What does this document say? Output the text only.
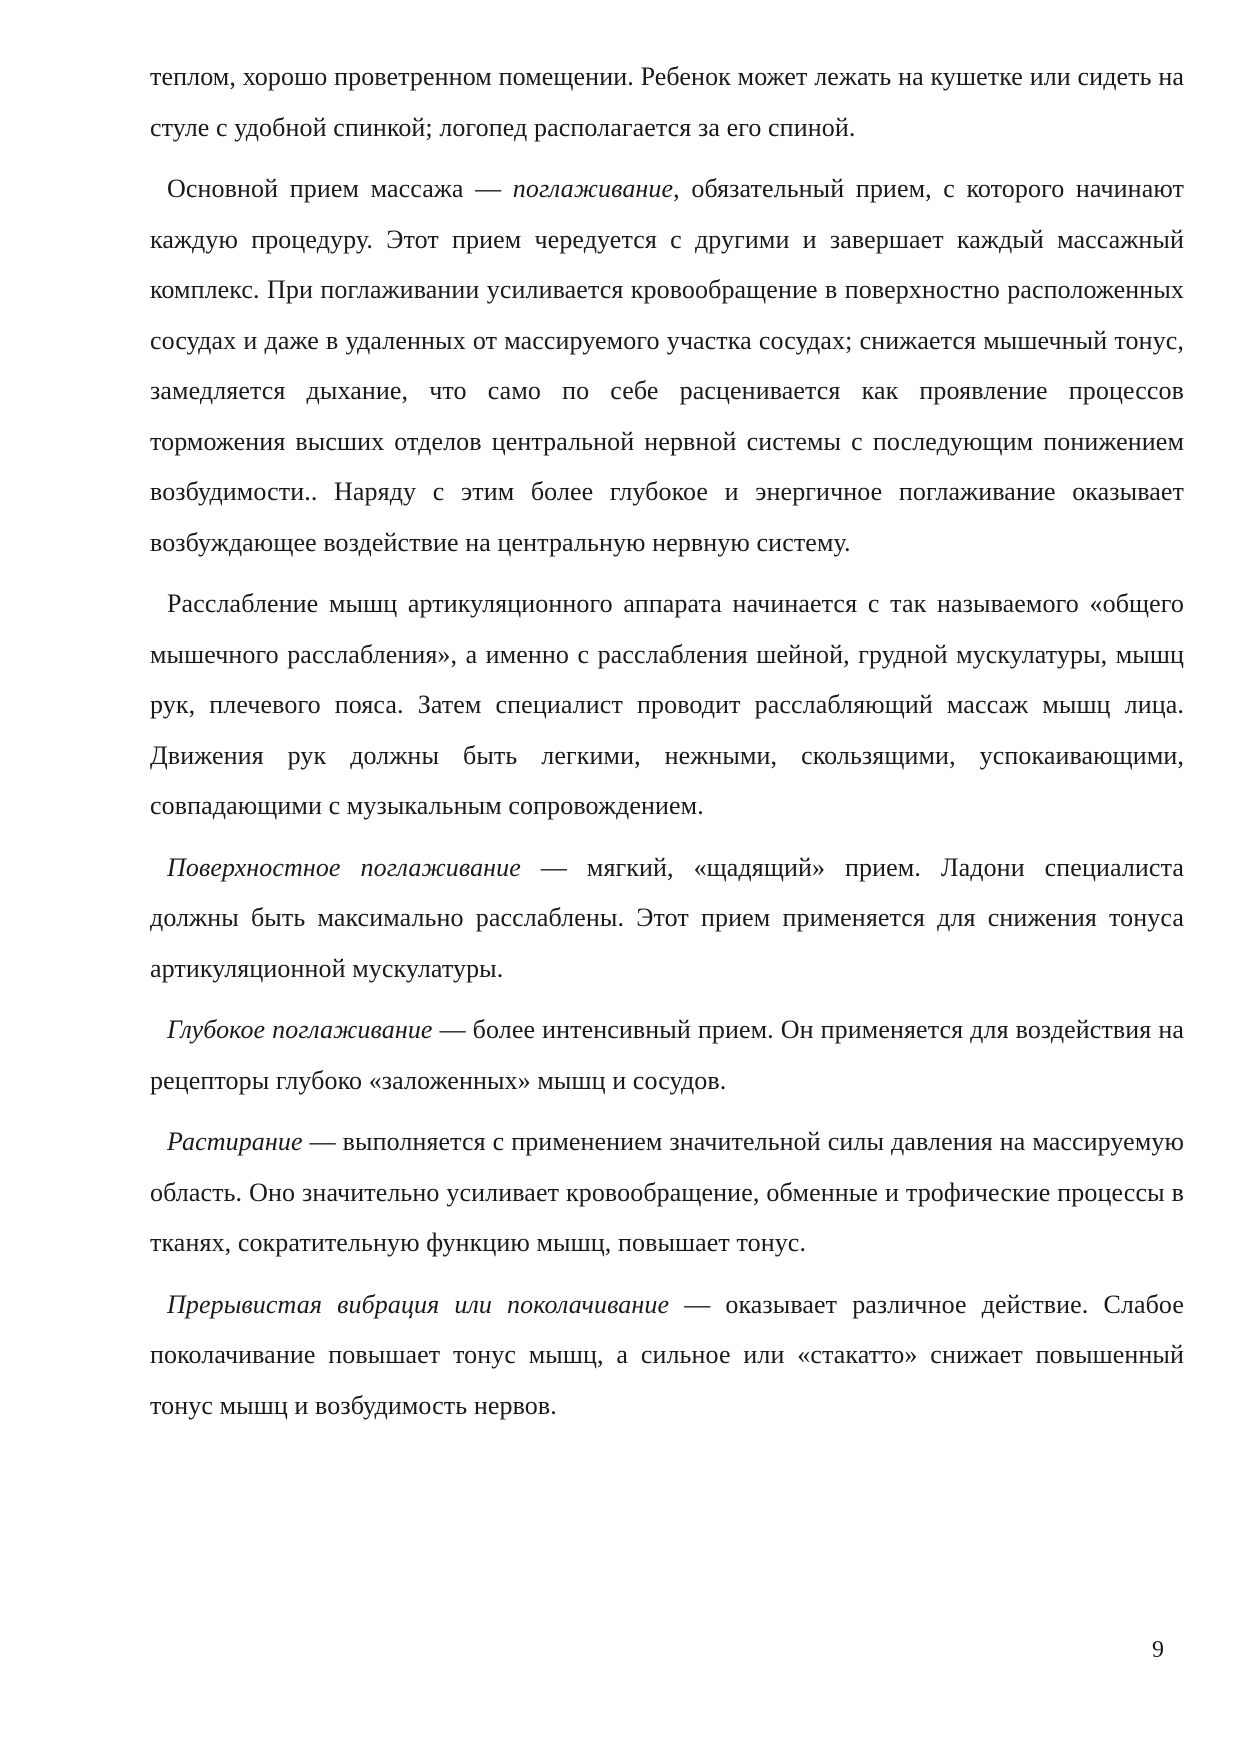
теплом, хорошо проветренном помещении. Ребенок может лежать на кушетке или сидеть на стуле с удобной спинкой; логопед располагается за его спиной.

Основной прием массажа — поглаживание, обязательный прием, с которого начинают каждую процедуру. Этот прием чередуется с другими и завершает каждый массажный комплекс. При поглаживании усиливается кровообращение в поверхностно расположенных сосудах и даже в удаленных от массируемого участка сосудах; снижается мышечный тонус, замедляется дыхание, что само по себе расценивается как проявление процессов торможения высших отделов центральной нервной системы с последующим понижением возбудимости.. Наряду с этим более глубокое и энергичное поглаживание оказывает возбуждающее воздействие на центральную нервную систему.

Расслабление мышц артикуляционного аппарата начинается с так называемого «общего мышечного расслабления», а именно с расслабления шейной, грудной мускулатуры, мышц рук, плечевого пояса. Затем специалист проводит расслабляющий массаж мышц лица. Движения рук должны быть легкими, нежными, скользящими, успокаивающими, совпадающими с музыкальным сопровождением.

Поверхностное поглаживание — мягкий, «щадящий» прием. Ладони специалиста должны быть максимально расслаблены. Этот прием применяется для снижения тонуса артикуляционной мускулатуры.

Глубокое поглаживание — более интенсивный прием. Он применяется для воздействия на рецепторы глубоко «заложенных» мышц и сосудов.

Растирание — выполняется с применением значительной силы давления на массируемую область. Оно значительно усиливает кровообращение, обменные и трофические процессы в тканях, сократительную функцию мышц, повышает тонус.

Прерывистая вибрация или поколачивание — оказывает различное действие. Слабое поколачивание повышает тонус мышц, а сильное или «стакатто» снижает повышенный тонус мышц и возбудимость нервов.

9
